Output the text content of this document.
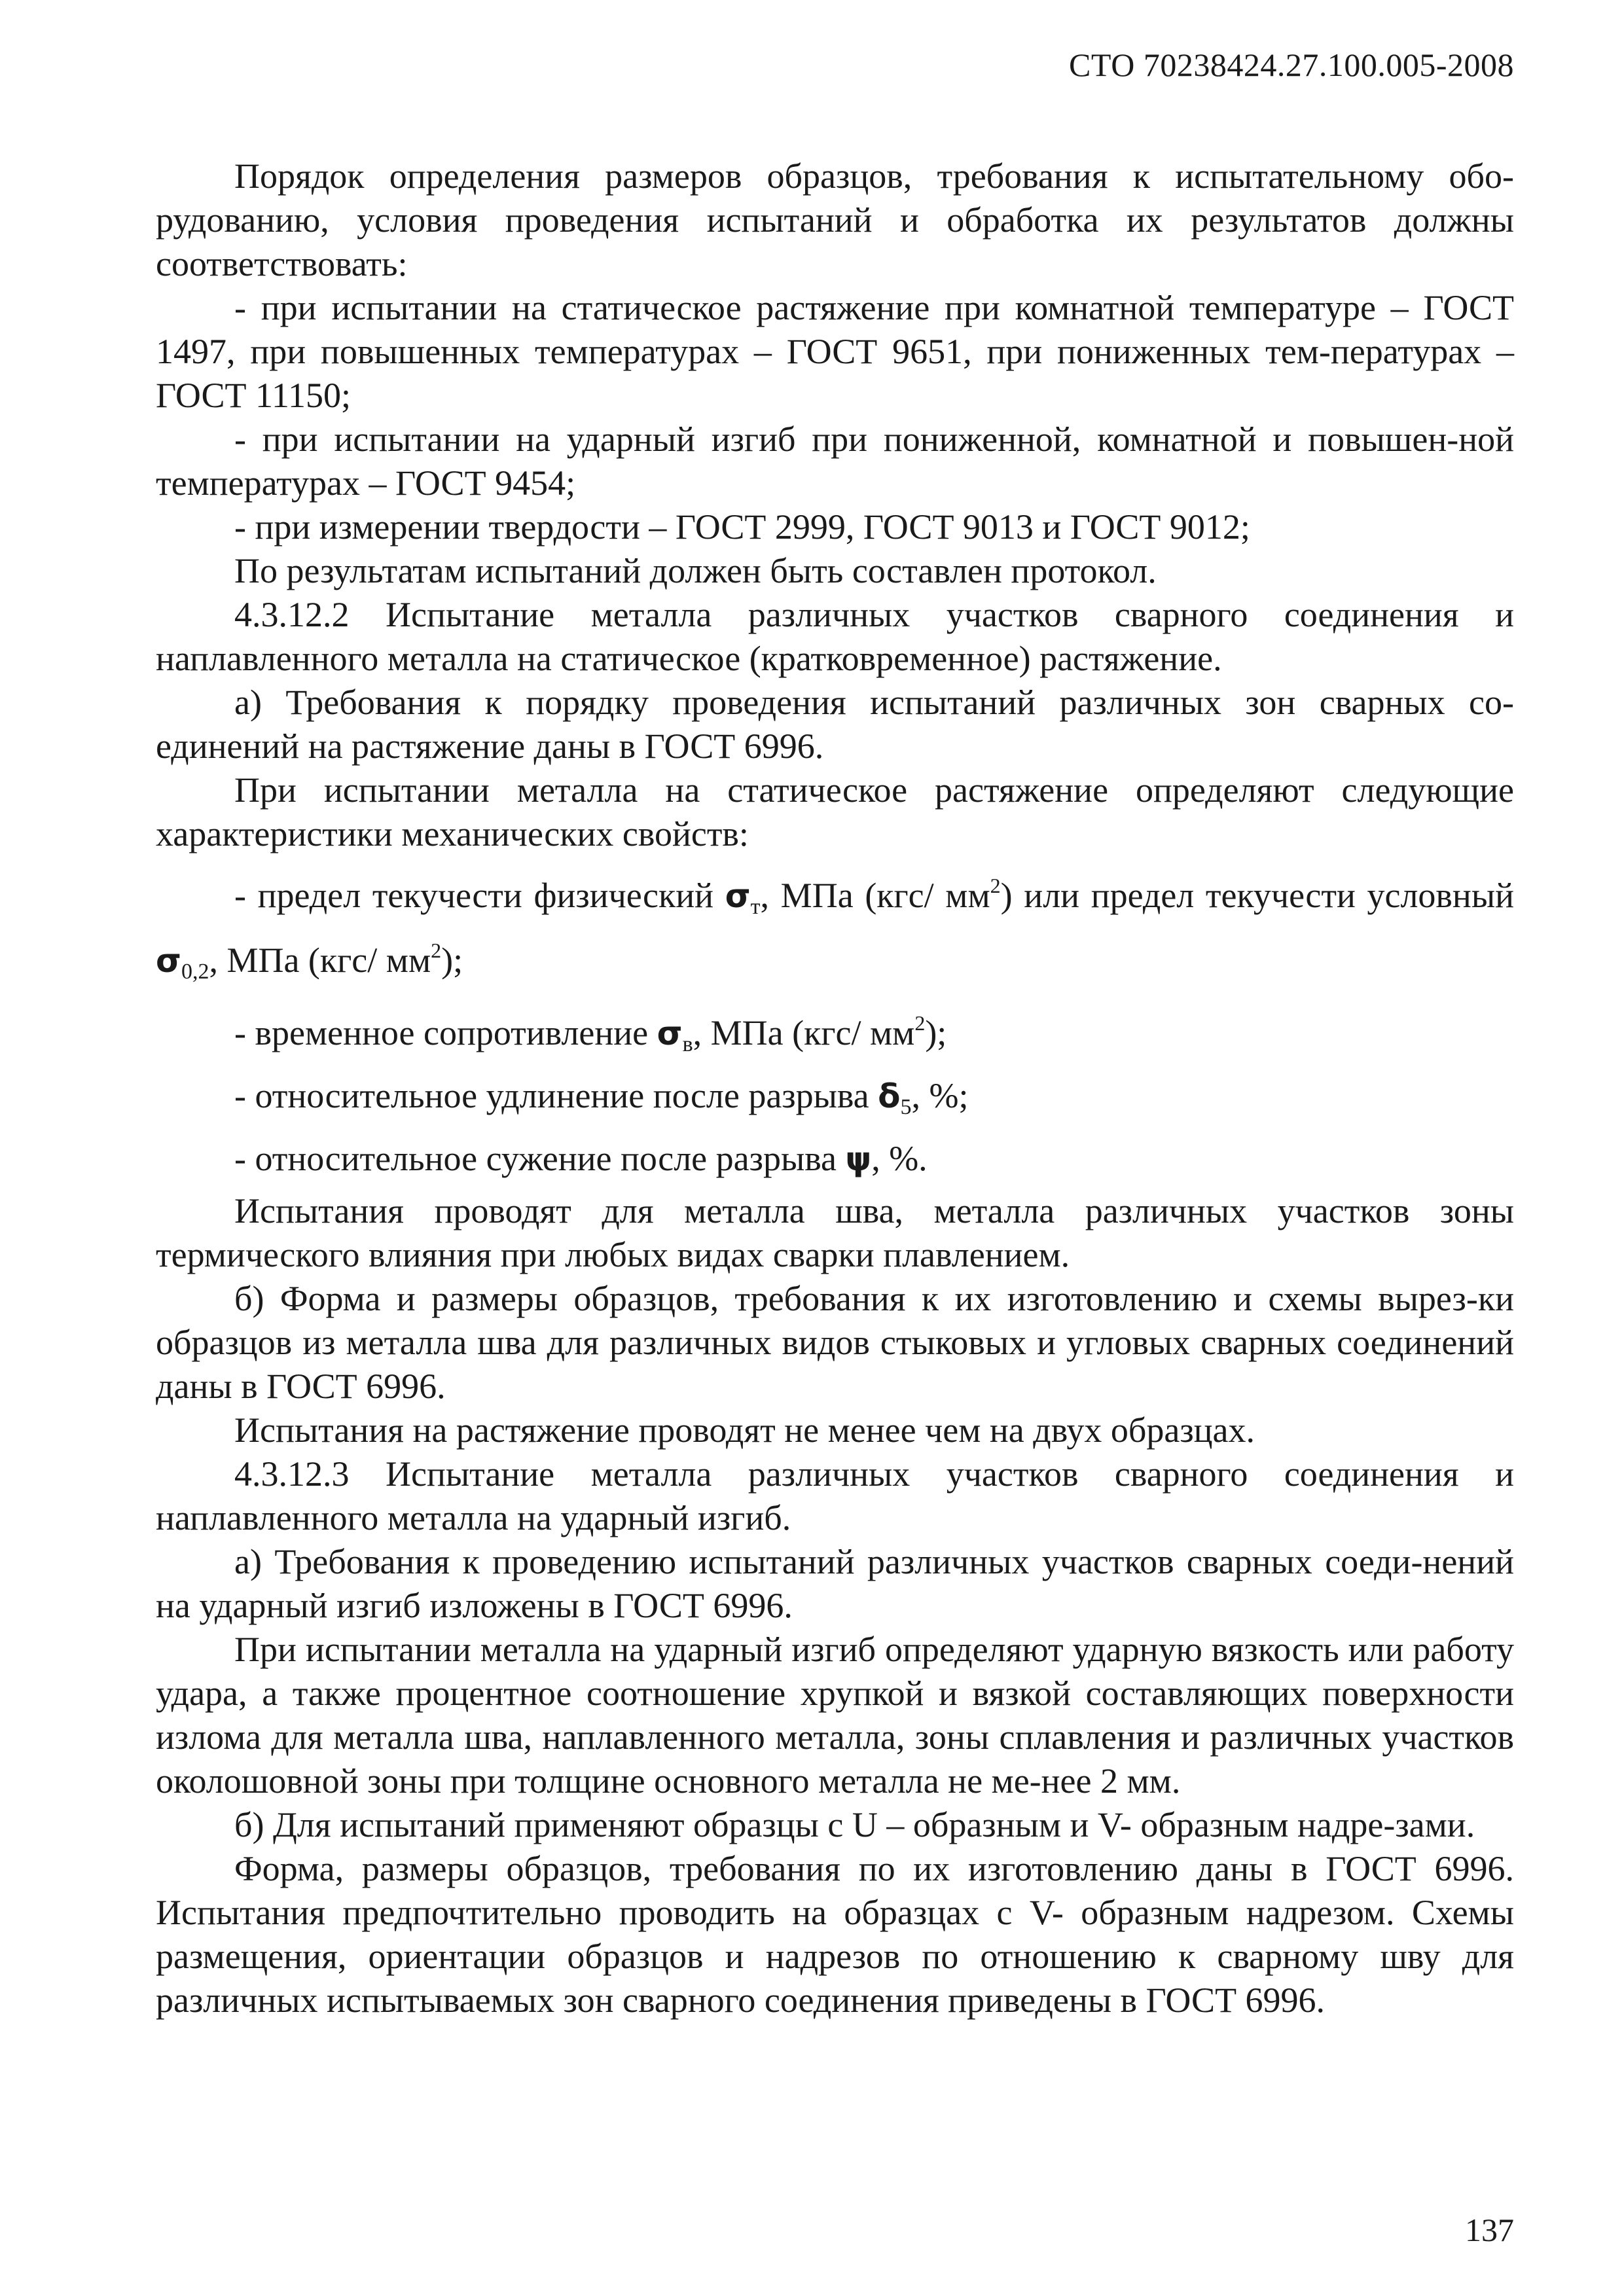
СТО 70238424.27.100.005-2008

Порядок определения размеров образцов, требования к испытательному обо-рудованию, условия проведения испытаний и обработка их результатов должны соответствовать:

- при испытании на статическое растяжение при комнатной температуре – ГОСТ 1497, при повышенных температурах – ГОСТ 9651, при пониженных тем-пературах – ГОСТ 11150;

- при испытании на ударный изгиб при пониженной, комнатной и повышен-ной температурах – ГОСТ 9454;

- при измерении твердости – ГОСТ 2999, ГОСТ 9013 и ГОСТ 9012;

По результатам испытаний должен быть составлен протокол.

4.3.12.2 Испытание металла различных участков сварного соединения и наплавленного металла на статическое (кратковременное) растяжение.

а) Требования к порядку проведения испытаний различных зон сварных со-единений на растяжение даны в ГОСТ 6996.

При испытании металла на статическое растяжение определяют следующие характеристики механических свойств:

- предел текучести физический $\sigma_т$, МПа (кгс/ $мм^2$) или предел текучести условный $\sigma_{0,2}$, МПа (кгс/ $мм^2$);

- временное сопротивление $\sigma_в$, МПа (кгс/ $мм^2$);

- относительное удлинение после разрыва $\delta_5$, %;

- относительное сужение после разрыва ψ, %.

Испытания проводят для металла шва, металла различных участков зоны термического влияния при любых видах сварки плавлением.

б) Форма и размеры образцов, требования к их изготовлению и схемы вырез-ки образцов из металла шва для различных видов стыковых и угловых сварных соединений даны в ГОСТ 6996.

Испытания на растяжение проводят не менее чем на двух образцах.

4.3.12.3 Испытание металла различных участков сварного соединения и наплавленного металла на ударный изгиб.

а) Требования к проведению испытаний различных участков сварных соеди-нений на ударный изгиб изложены в ГОСТ 6996.

При испытании металла на ударный изгиб определяют ударную вязкость или работу удара, а также процентное соотношение хрупкой и вязкой составляющих поверхности излома для металла шва, наплавленного металла, зоны сплавления и различных участков околошовной зоны при толщине основного металла не ме-нее 2 мм.

б) Для испытаний применяют образцы с U – образным и V- образным надре-зами.

Форма, размеры образцов, требования по их изготовлению даны в ГОСТ 6996. Испытания предпочтительно проводить на образцах с V- образным надрезом. Схемы размещения, ориентации образцов и надрезов по отношению к сварному шву для различных испытываемых зон сварного соединения приведены в ГОСТ 6996.

137
